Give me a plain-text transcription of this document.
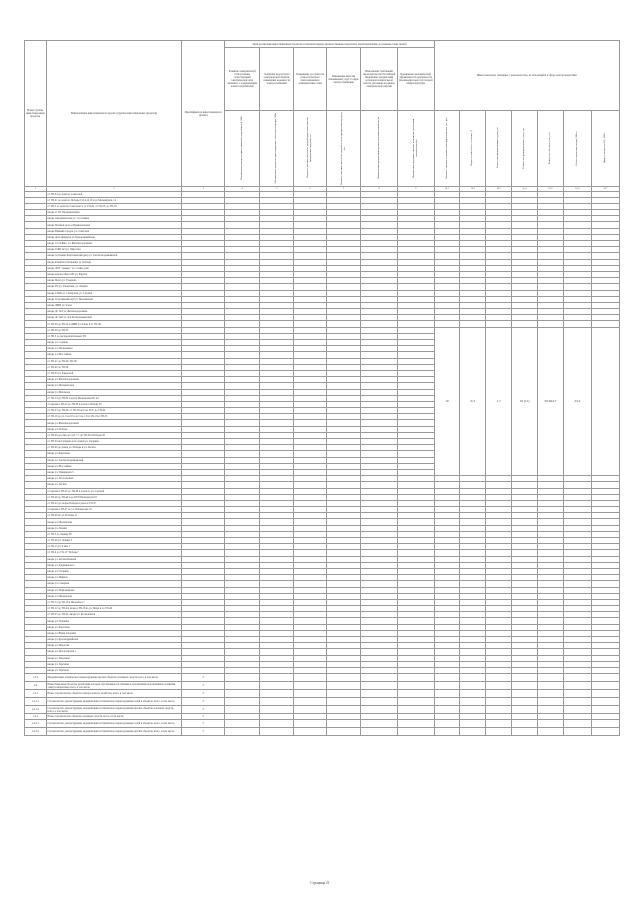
Номер группы инвестиционных проектов	Наименование инвестиционного проекта (группы инвестиционных проектов)	Идентификатор инвестиционного проекта	Цели реализации инвестиционных проектов в плановом периоде (количественные показатели, характеризующие достижение таких целей)						Иные показатели, связанные с деятельностью, не относящейся к сфере электроэнергетики						
			Развитие электрической сети/усиление существующей электрической сети, связанное с подключением новых потребителей	Снижение недоотпуска электрической энергии, повышение надежности электроснабжения	Повышение доступности технологического присоединения к электрическим сетям	Повышение качества оказываемых услуг в сфере электроснабжения	Выполнение требований законодательства Российской Федерации, предписаний органов исполнительной власти, регламентов рынков электрической энергии	Повышение экономической эффективности деятельности (производительности) сетевой инфраструктуры							
			Максимальная мощность присоединяемых потребителей, МВт	Максимальная мощность присоединяемых объектов генерации, МВт	Плановое значение показателя средней продолжительности прекращения передачи, час	Плановое значение показателя средней частоты прекращения передачи, шт.	Наименование предписаний органов исполнительной власти	Предписание надзорных органов, исполнение требований законодательства	Плановое значение экономической эффективности, тыс. руб.	Индекс технического состояния, %	Количество функциональных групп, шт.	Количество функциональных узлов, шт.	Количество объектов учета, шт.	Объем сокращения потерь, МВт·ч	Прирост мощности ПС, МВА
1	2	3	4	5	6	7	8	9	10.1	10.2	10.3	10.4	10.5	10.6	10.7
	от ТП-34 до дома по Советской														
	от ТП-21 до дома по Победы 15,14,12,10 и до Мельничная, 14														
	от ТП-5 до дома по Советская 3, от ТП-22, от ТП-23, до ТП-35														
	вводы от ТП Промышленная														
	вводы Академическая ул. 5 и сетевые														
	вводы Полевая часть и Привокзальная														
	вводы Южный городок ул. Советская														
	вводы Дом офицеров ул. Красноармейская														
	вводы 12-14 Жил. ул. Железнодорожная														
	вводы СОШ №3 ул. Пирогова														
	вводы гостиница Карталинский двор ул. Зои Космодемьянской														
	вводы Развитие и Больница ул. Победы														
	вводы ЛПУ "Альянс" ул. Славы дома														
	вводы диагностика 1002 ул. Фрунзе														
	вводы Почта ул. Ульянова														
	вводы ТЦ ул. Ульяновая, ул. Ленина														
	вводы СЛДК ул. Самарская, ул. Садовая														
	вводы Спортивный клуб ул. Мельничная														
	вводы ДШИ ул. 9 мая														
	вводы ДС №3 ул. Железнодорожная														
	вводы ДС №6 ул. Зои Космодемьянской														
	от ТП-36 до ТП-14 и ДШИ ул. 9 мая, 6 от ТП-48														
	от ТП-20 до ТП-33								10	0,3	1,7	10 (11)	56 664,7	23,2	
	от ТП-5 до распределительных ТП														
	вводы ул. Садовая														
	вводы ул. Мельничная														
	вводы ул. Шоссейная														
	от ТП-21 до ТП-29, ТП-38														
	от ТП-40 до ТП-28														
	от ТП-35 ул. Заводской														
	вводы ул. Железнодорожная														
	вводы ул. Интернатская														
	вводы ул. Школьная														
	от ТП-14 до ТП-30 и далее Мельничная 65, 44														
	от врезки в ТП-22 до ТП-28 и далее к Победы 50														
	от ТП-23 до ТП-39, от ТП-39 на Сов. 87/1, до ТП-40														
	от ТП-19 до ул. Сов 10 и до Сов. 13 по ТП-19 и ТП-35														
	вводы ул. Железнодорожная														
	вводы ул. Победы														
	от ТП-29 до улиц до Сов 7-7, до ТП-28 и Победы 20														
	от ТП-30 на Гагарина и по домам ул. Гагарина														
	от ТП-40 до домов ул. Победы и ул. Лесная														
	вводы ул. Береговая														
	вводы ул. Зои Космодемьянской														
	вводы ул. Шоссейная														
	вводы ул. Тимирязева 5														
	вводы ул. Заготовочная														
	вводы ул. Лесная														
	от врезки в ТП-45 до ТП-48 и далее по ул. Садовой														
	от ТП-46 до ТП-49 и до КТП Пионерской 18														
	от ТП-22 до опоры Победы и далее к ТП-37														
	от врезки к ТП-37 по ул. Пионерская 18														
	от ТП-26 по ул. Победы 11														
	вводы ул. Пионерская														
	вводы ул. Ленина														
	от ТП-5 до Ленина 65														
	от ТП-26 ул. Ленина 3														
	от ТП-15 ул. 9 мая 1														
	от ТП-9 до ТП-13 "Победы"														
	вводы ул. Автомобильная														
	вводы ул. Дзержинского														
	вводы ул. Гагарина														
	вводы ул. Мирная														
	вводы ул. Северная														
	вводы ул. Первомайская														
	вводы ул. Пионерская														
	от ТП-12 до ТП-18 в Железная 17														
	от ТП-12 до ТП-2 и далее в ТП-18 по ул. Мира и до ТП-49														
	от ТП-25 до ТП-24, вводы ул. Космонавтов														
	вводы ул. Пушкина														
	вводы ул. Береговая														
	вводы ул. Юрия Гагарина														
	вводы ул. Красноармейская														
	вводы ул. Пирогова														
	вводы ул. Пролетарская 1														
	вводы ул. Заводская														
	вводы ул. Заречная														
	вводы ул. Заречная														
1.3.4	Модернизация, техническое перевооружение прочих объектов основных средств всего, в том числе:	Г													
1.4	Инвестиционные проекты, реализация которых обуславливается схемами и программами перспективного развития электроэнергетики, всего, в том числе:	Г													
1.4.1	Новое строительство объектов электросетевого хозяйства, всего, в том числе:	Г													
1.4.1.1	Строительство, реконструкция, модернизация и техническое перевооружение сетей и объектов, всего, в том числе:	Г													
1.4.1.2	Строительство, реконструкция, модернизация и техническое перевооружение прочих объектов основных средств, всего, в том числе:	Г													
1.4.2	Новое строительство объектов основных средств, всего, в том числе:	Г													
1.4.2.1	Строительство, реконструкция, модернизация и техническое перевооружение сетей и объектов, всего, в том числе:	Г													
1.4.2.2	Строительство, реконструкция, модернизация и техническое перевооружение прочих объектов, всего, в том числе:	Г													
Страница 21
